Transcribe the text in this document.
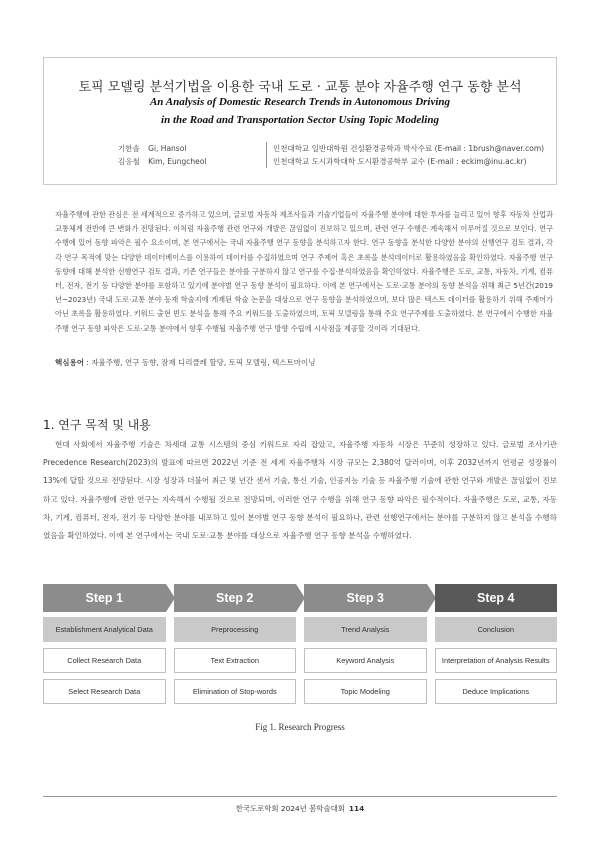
토픽 모델링 분석기법을 이용한 국내 도로 · 교통 분야 자율주행 연구 동향 분석
An Analysis of Domestic Research Trends in Autonomous Driving
in the Road and Transportation Sector Using Topic Modeling
기한솔 Gi, Hansol
김응철 Kim, Eungcheol
인천대학교 일반대학원 건설환경공학과 박사수료 (E-mail : 1brush@naver.com)
인천대학교 도시과학대학 도시환경공학부 교수 (E-mail : eckim@inu.ac.kr)

자율주행에 관한 관심은 전 세계적으로 증가하고 있으며, 글로벌 자동차 제조사들과 기술기업들이 자율주행 분야에 대한 투자를 늘리고 있어 향후 자동차 산업과 교통체계 전반에 큰 변화가 전망된다. 이처럼 자율주행 관련 연구와 개발은 끊임없이 진보하고 있으며, 관련 연구 수행은 계속해서 이루어질 것으로 보인다. 연구 수행에 있어 동향 파악은 필수 요소이며, 본 연구에서는 국내 자율주행 연구 동향을 분석하고자 한다. 연구 동향을 분석한 다양한 분야의 선행연구 검토 결과, 각각 연구 목적에 맞는 다양한 데이터베이스를 이용하여 데이터를 수집하였으며 연구 주제어 혹은 초록을 분석데이터로 활용하였음을 확인하였다. 자율주행 연구 동향에 대해 분석한 선행연구 검토 결과, 기존 연구들은 분야를 구분하지 않고 연구를 수집·분석하였음을 확인하였다. 자율주행은 도로, 교통, 자동차, 기계, 컴퓨터, 전자, 전기 등 다양한 분야를 포함하고 있기에 분야별 연구 동향 분석이 필요하다. 이에 본 연구에서는 도로·교통 분야의 동향 분석을 위해 최근 5년간(2019년~2023년) 국내 도로·교통 분야 등재 학술지에 게재된 학술 논문을 대상으로 연구 동향을 분석하였으며, 보다 많은 텍스트 데이터를 활용하기 위해 주제어가 아닌 초록을 활용하였다. 키워드 출현 빈도 분석을 통해 주요 키워드를 도출하였으며, 토픽 모델링을 통해 주요 연구주제를 도출하였다. 본 연구에서 수행한 자율주행 연구 동향 파악은 도로·교통 분야에서 향후 수행될 자율주행 연구 방향 수립에 시사점을 제공할 것이라 기대된다.

핵심용어 : 자율주행, 연구 동향, 잠재 디리클레 할당, 토픽 모델링, 텍스트마이닝
1. 연구 목적 및 내용

현대 사회에서 자율주행 기술은 차세대 교통 시스템의 중심 키워드로 자리 잡았고, 자율주행 자동차 시장은 꾸준히 성장하고 있다. 글로벌 조사기관 Precedence Research(2023)의 발표에 따르면 2022년 기준 전 세계 자율주행차 시장 규모는 2,380억 달러이며, 이후 2032년까지 연평균 성장률이 13%에 달할 것으로 전망된다. 시장 성장과 더불어 최근 몇 년간 센서 기술, 통신 기술, 인공지능 기술 등 자율주행 기술에 관한 연구와 개발은 끊임없이 진보하고 있다. 자율주행에 관한 연구는 지속해서 수행될 것으로 전망되며, 이러한 연구 수행을 위해 연구 동향 파악은 필수적이다. 자율주행은 도로, 교통, 자동차, 기계, 컴퓨터, 전자, 전기 등 다양한 분야를 내포하고 있어 분야별 연구 동향 분석이 필요하나, 관련 선행연구에서는 분야를 구분하지 않고 분석을 수행하였음을 확인하였다. 이에 본 연구에서는 국내 도로·교통 분야를 대상으로 자율주행 연구 동향 분석을 수행하였다.

Step 1
Establishment Analytical Data
Collect Research Data
Select Research Data
Step 2
Preprocessing
Text Extraction
Elimination of Stop-words
Step 3
Trend Analysis
Keyword Analysis
Topic Modeling
Step 4
Conclusion
Interpretation of Analysis Results
Deduce Implications
Fig 1. Research Progress
한국도로학회 2024년 봄학술대회 114
